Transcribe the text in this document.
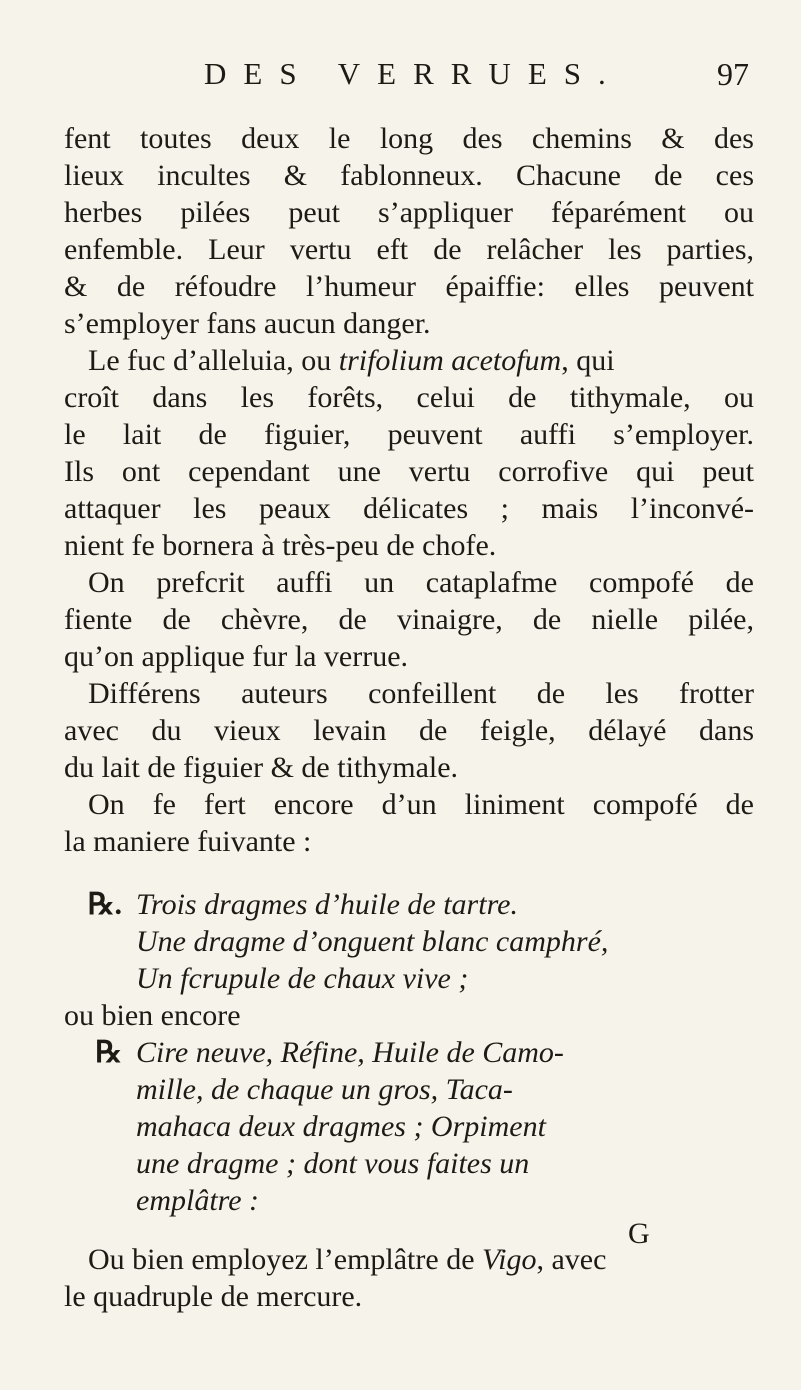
DES VERRUES.	97
fent toutes deux le long des chemins & des
lieux incultes & fablonneux. Chacune de ces
herbes pilées peut s’appliquer féparément ou
enfemble. Leur vertu eft de relâcher les parties,
& de réfoudre l’humeur épaiffie: elles peuvent
s’employer fans aucun danger.
Le fuc d’alleluia, ou trifolium acetofum, qui
croît dans les forêts, celui de tithymale, ou
le lait de figuier, peuvent auffi s’employer.
Ils ont cependant une vertu corrofive qui peut
attaquer les peaux délicates ; mais l’inconvé-
nient fe bornera à très-peu de chofe.
On prefcrit auffi un cataplafme compofé de
fiente de chèvre, de vinaigre, de nielle pilée,
qu’on applique fur la verrue.
Différens auteurs confeillent de les frotter
avec du vieux levain de feigle, délayé dans
du lait de figuier & de tithymale.
On fe fert encore d’un liniment compofé de
la maniere fuivante :
℞. Trois dragmes d’huile de tartre.
Une dragme d’onguent blanc camphré,
Un fcrupule de chaux vive ;
ou bien encore
℞ Cire neuve, Réfine, Huile de Camo-
mille, de chaque un gros, Taca-
mahaca deux dragmes ; Orpiment
une dragme ; dont vous faites un
emplâtre :
Ou bien employez l’emplâtre de Vigo, avec
le quadruple de mercure.
G
